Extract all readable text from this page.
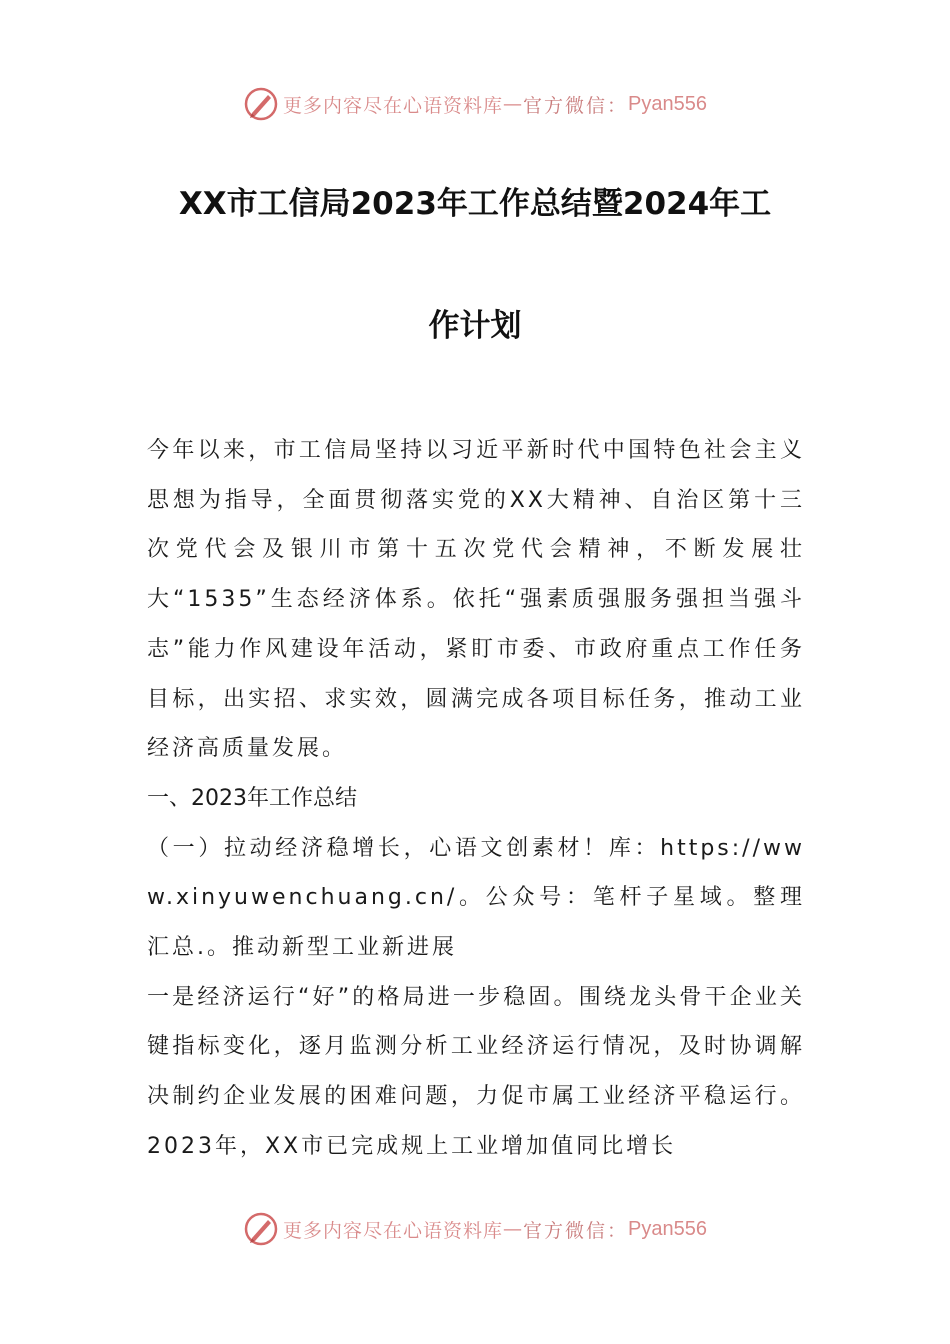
更多内容尽在心语资料库 — 官方微信： Pyan556
XX市工信局2023年工作总结暨2024年工
作计划

今年以来，市工信局坚持以习近平新时代中国特色社会主义思想为指导，全面贯彻落实党的XX大精神、自治区第十三次党代会及银川市第十五次党代会精神，不断发展壮大“1535”生态经济体系。依托“强素质强服务强担当强斗志”能力作风建设年活动，紧盯市委、市政府重点工作任务目标，出实招、求实效，圆满完成各项目标任务，推动工业经济高质量发展。

一、2023年工作总结

（一）拉动经济稳增长，心语文创素材！库：https://www.xinyuwenchuang.cn/。公众号：笔杆子星域。整理汇总.。推动新型工业新进展

一是经济运行“好”的格局进一步稳固。围绕龙头骨干企业关键指标变化，逐月监测分析工业经济运行情况，及时协调解决制约企业发展的困难问题，力促市属工业经济平稳运行。2023年，XX市已完成规上工业增加值同比增长

更多内容尽在心语资料库 — 官方微信： Pyan556
